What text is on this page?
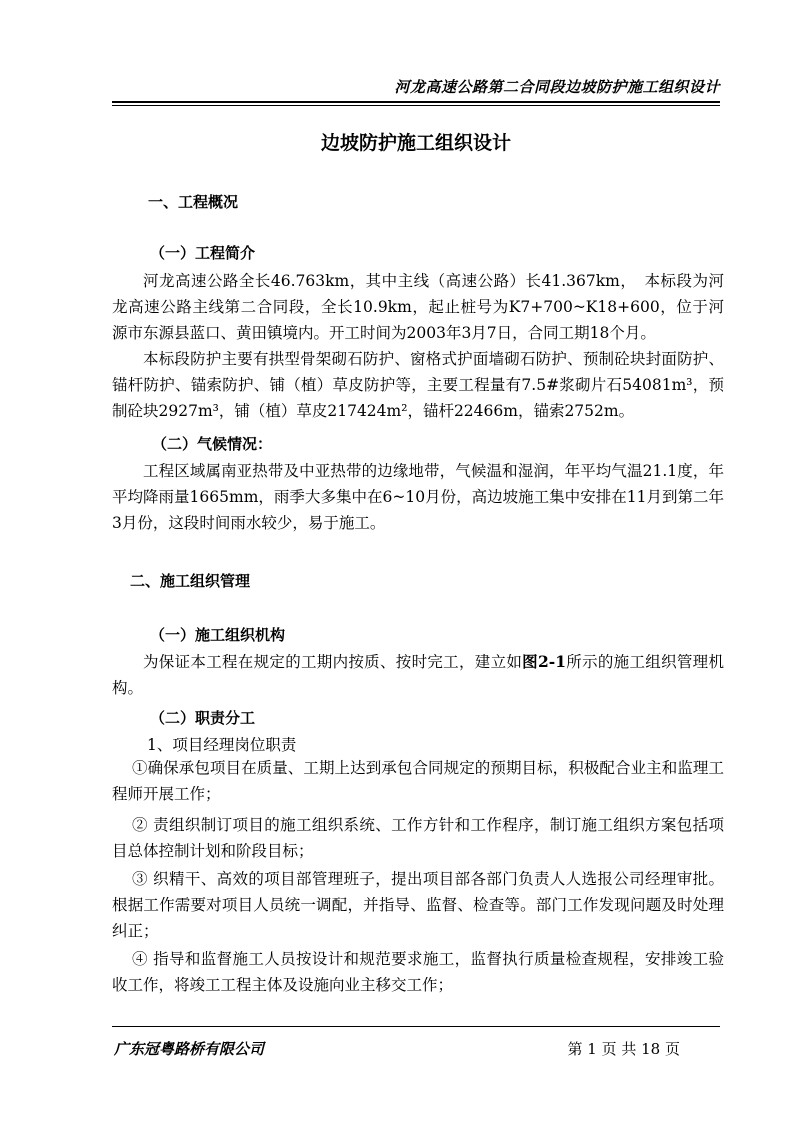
河龙高速公路第二合同段边坡防护施工组织设计
边坡防护施工组织设计
一、工程概况
（一）工程简介
河龙高速公路全长46.763km，其中主线（高速公路）长41.367km，　本标段为河龙高速公路主线第二合同段，全长10.9km，起止桩号为K7+700~K18+600，位于河源市东源县蓝口、黄田镇境内。开工时间为2003年3月7日，合同工期18个月。
本标段防护主要有拱型骨架砌石防护、窗格式护面墙砌石防护、预制砼块封面防护、锚杆防护、锚索防护、铺（植）草皮防护等，主要工程量有7.5#浆砌片石54081m³，预制砼块2927m³，铺（植）草皮217424m²，锚杆22466m，锚索2752m。
（二）气候情况：
工程区域属南亚热带及中亚热带的边缘地带，气候温和湿润，年平均气温21.1度，年平均降雨量1665mm，雨季大多集中在6~10月份，高边坡施工集中安排在11月到第二年3月份，这段时间雨水较少，易于施工。
二、施工组织管理
（一）施工组织机构
为保证本工程在规定的工期内按质、按时完工，建立如图2-1所示的施工组织管理机构。
（二）职责分工
1、项目经理岗位职责
①确保承包项目在质量、工期上达到承包合同规定的预期目标，积极配合业主和监理工程师开展工作；
② 责组织制订项目的施工组织系统、工作方针和工作程序，制订施工组织方案包括项目总体控制计划和阶段目标；
③ 织精干、高效的项目部管理班子，提出项目部各部门负责人人选报公司经理审批。根据工作需要对项目人员统一调配，并指导、监督、检查等。部门工作发现问题及时处理纠正；
④ 指导和监督施工人员按设计和规范要求施工，监督执行质量检查规程，安排竣工验收工作，将竣工工程主体及设施向业主移交工作；
广东冠粤路桥有限公司	第 1 页 共 18 页
